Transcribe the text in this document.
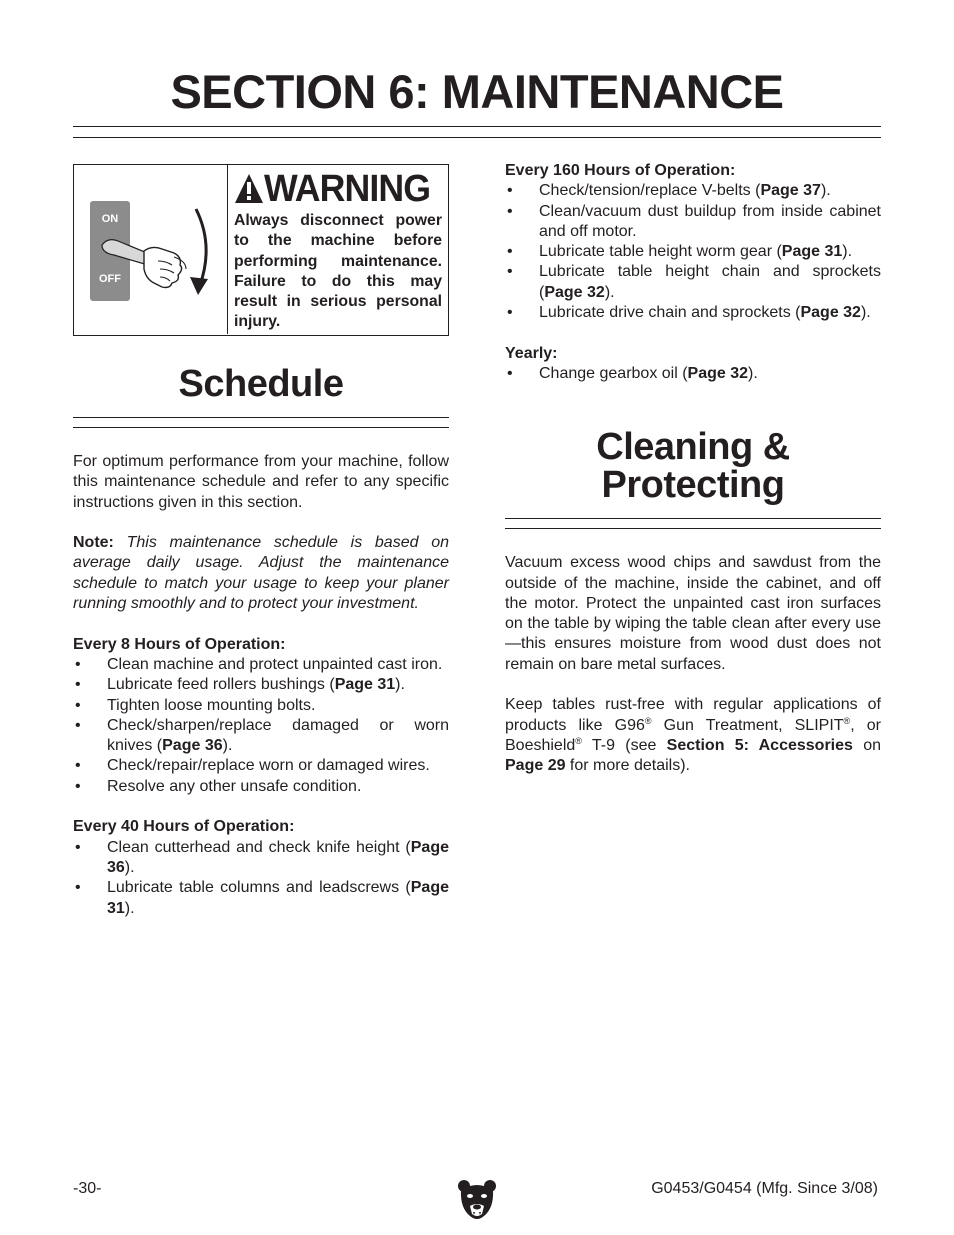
SECTION 6: MAINTENANCE
ON
OFF
WARNING
Always disconnect power to the machine before performing maintenance. Failure to do this may result in serious personal injury.
Schedule

For optimum performance from your machine, follow this maintenance schedule and refer to any specific instructions given in this section.

Note: This maintenance schedule is based on average daily usage. Adjust the maintenance schedule to match your usage to keep your planer running smoothly and to protect your investment.

Every 8 Hours of Operation:
• Clean machine and protect unpainted cast iron.
• Lubricate feed rollers bushings (Page 31).
• Tighten loose mounting bolts.
• Check/sharpen/replace damaged or worn knives (Page 36).
• Check/repair/replace worn or damaged wires.
• Resolve any other unsafe condition.
Every 40 Hours of Operation:
• Clean cutterhead and check knife height (Page 36).
• Lubricate table columns and leadscrews (Page 31).
Every 160 Hours of Operation:
• Check/tension/replace V-belts (Page 37).
• Clean/vacuum dust buildup from inside cabinet and off motor.
• Lubricate table height worm gear (Page 31).
• Lubricate table height chain and sprockets (Page 32).
• Lubricate drive chain and sprockets (Page 32).
Yearly:
• Change gearbox oil (Page 32).
Cleaning &
Protecting

Vacuum excess wood chips and sawdust from the outside of the machine, inside the cabinet, and off the motor. Protect the unpainted cast iron surfaces on the table by wiping the table clean after every use—this ensures moisture from wood dust does not remain on bare metal surfaces.

Keep tables rust-free with regular applications of products like G96® Gun Treatment, SLIPIT®, or Boeshield® T-9 (see Section 5: Accessories on Page 29 for more details).

-30-	G0453/G0454 (Mfg. Since 3/08)
